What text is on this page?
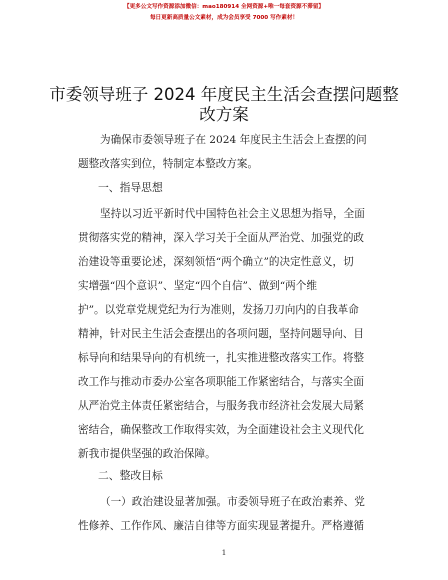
【更多公文写作资源添加微信：mao180914 全网资源+唯一每套资源不滞留】
每日更新高质量公文素材，成为会员享受 7000 写作素材！
市委领导班子 2024 年度民主生活会查摆问题整
改方案
为确保市委领导班子在 2024 年度民主生活会上查摆的问
题整改落实到位，特制定本整改方案。
一、指导思想
坚持以习近平新时代中国特色社会主义思想为指导，全面
贯彻落实党的精神，深入学习关于全面从严治党、加强党的政
治建设等重要论述，深刻领悟“两个确立”的决定性意义，切
实增强“四个意识”、坚定“四个自信”、做到“两个维
护”。以党章党规党纪为行为准则，发扬刀刃向内的自我革命
精神，针对民主生活会查摆出的各项问题，坚持问题导向、目
标导向和结果导向的有机统一，扎实推进整改落实工作。将整
改工作与推动市委办公室各项职能工作紧密结合，与落实全面
从严治党主体责任紧密结合，与服务我市经济社会发展大局紧
密结合，确保整改工作取得实效，为全面建设社会主义现代化
新我市提供坚强的政治保障。
二、整改目标
（一）政治建设显著加强。市委领导班子在政治素养、党
性修养、工作作风、廉洁自律等方面实现显著提升。严格遵循
1
